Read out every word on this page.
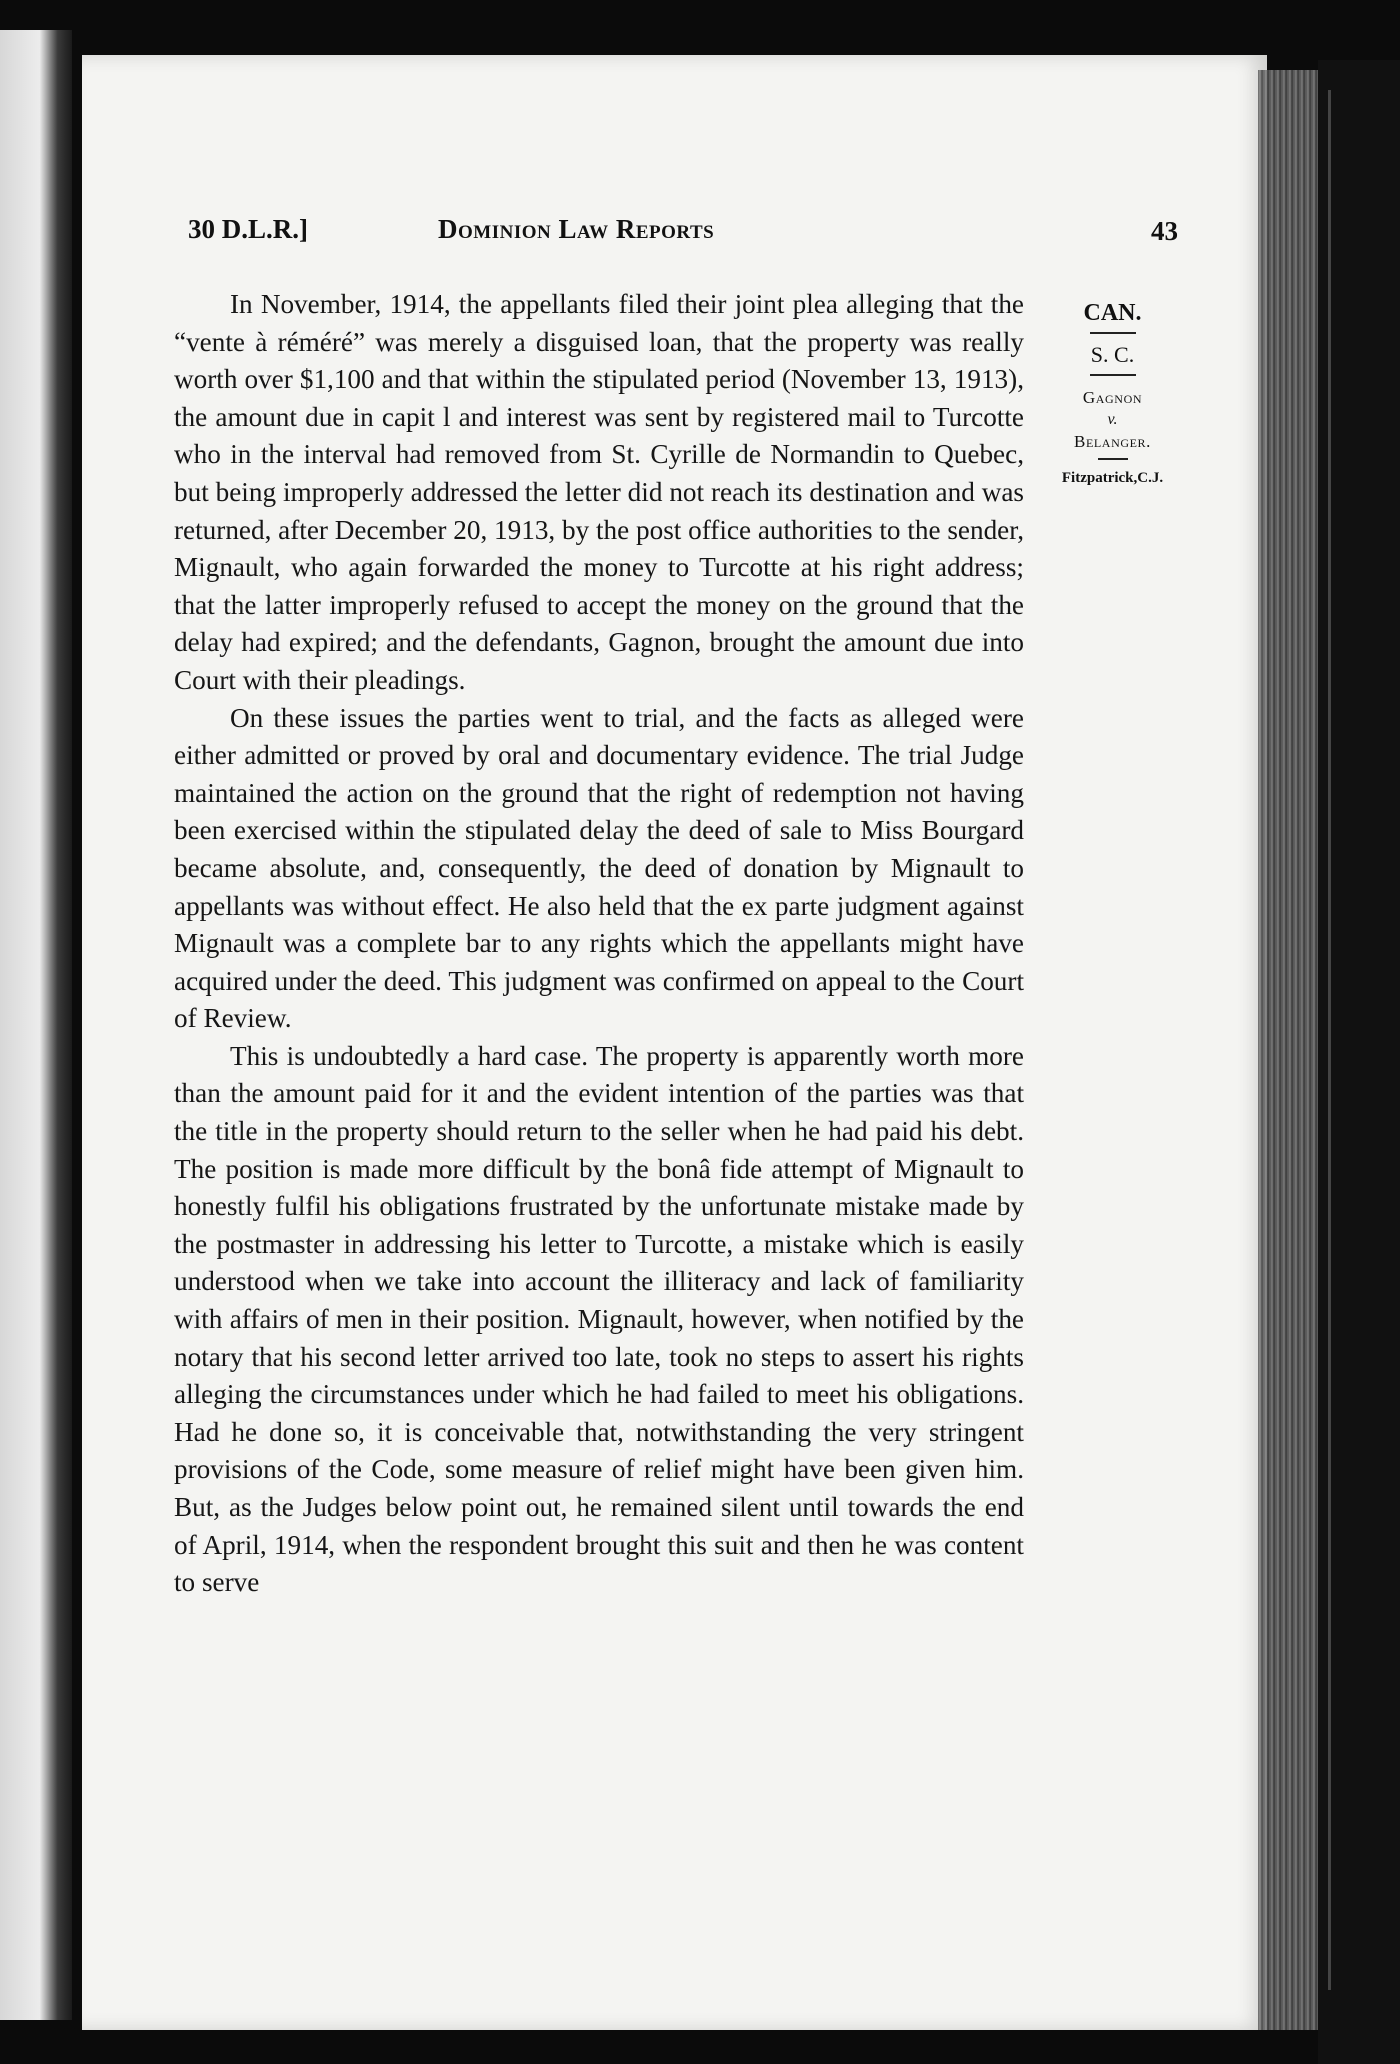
30 D.L.R.]	Dominion Law Reports	43

In November, 1914, the appellants filed their joint plea alleging that the “vente à réméré” was merely a disguised loan, that the property was really worth over $1,100 and that within the stipulated period (November 13, 1913), the amount due in capit l and interest was sent by registered mail to Turcotte who in the interval had removed from St. Cyrille de Normandin to Quebec, but being improperly addressed the letter did not reach its destination and was returned, after December 20, 1913, by the post office authorities to the sender, Mignault, who again forwarded the money to Turcotte at his right address; that the latter improperly refused to accept the money on the ground that the delay had expired; and the defendants, Gagnon, brought the amount due into Court with their pleadings.

On these issues the parties went to trial, and the facts as alleged were either admitted or proved by oral and documentary evidence. The trial Judge maintained the action on the ground that the right of redemption not having been exercised within the stipulated delay the deed of sale to Miss Bourgard became absolute, and, consequently, the deed of donation by Mignault to appellants was without effect. He also held that the ex parte judgment against Mignault was a complete bar to any rights which the appellants might have acquired under the deed. This judgment was confirmed on appeal to the Court of Review.

This is undoubtedly a hard case. The property is apparently worth more than the amount paid for it and the evident intention of the parties was that the title in the property should return to the seller when he had paid his debt. The position is made more difficult by the bonâ fide attempt of Mignault to honestly fulfil his obligations frustrated by the unfortunate mistake made by the postmaster in addressing his letter to Turcotte, a mistake which is easily understood when we take into account the illiteracy and lack of familiarity with affairs of men in their position. Mignault, however, when notified by the notary that his second letter arrived too late, took no steps to assert his rights alleging the circumstances under which he had failed to meet his obligations. Had he done so, it is conceivable that, notwithstanding the very stringent provisions of the Code, some measure of relief might have been given him. But, as the Judges below point out, he remained silent until towards the end of April, 1914, when the respondent brought this suit and then he was content to serve

CAN.
S. C.
Gagnon
v.
Belanger.
Fitzpatrick,C.J.
